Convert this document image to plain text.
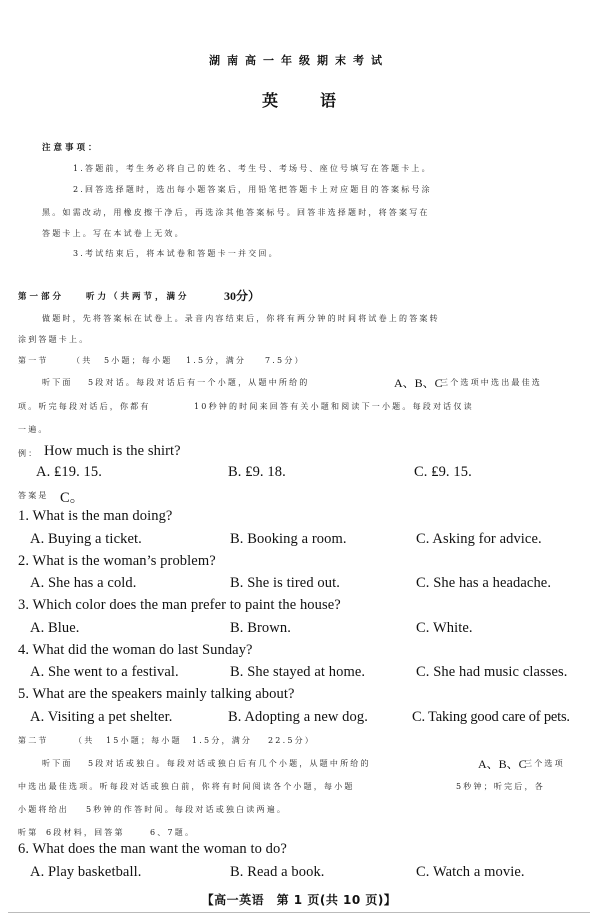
湖南高一年级期末考试
英语
注意事项：
1.答题前，考生务必将自己的姓名、考生号、考场号、座位号填写在答题卡上。
2.回答选择题时，选出每小题答案后，用铅笔把答题卡上对应题目的答案标号涂
黑。如需改动，用橡皮擦干净后，再选涂其他答案标号。回答非选择题时，将答案写在
答题卡上。写在本试卷上无效。
3.考试结束后，将本试卷和答题卡一并交回。
第一部分	听力（共两节，满分	30分）
做题时，先将答案标在试卷上。录音内容结束后，你将有两分钟的时间将试卷上的答案转
涂到答题卡上。
第一节	（共 5小题；每小题 1.5分，满分 7.5分）
听下面 5段对话。每段对话后有一个小题，从题中所给的	A、B、C
三个选项中选出最佳选
项。听完每段对话后，你都有	10秒钟的时间来回答有关小题和阅读下一小题。每段对话仅读
一遍。
例： How much is the shirt?
A. ₤19. 15.	B. ₤9. 18.	C. ₤9. 15.
答案是 C。
1. What is the man doing?
A. Buying a ticket.	B. Booking a room.	C. Asking for advice.
2. What is the woman’s problem?
A. She has a cold.	B. She is tired out.	C. She has a headache.
3. Which color does the man prefer to paint the house?
A. Blue.	B. Brown.	C. White.
4. What did the woman do last Sunday?
A. She went to a festival.	B. She stayed at home.	C. She had music classes.
5. What are the speakers mainly talking about?
A. Visiting a pet shelter.	B. Adopting a new dog.	C. Taking good care of pets.
第二节	（共 15小题；每小题 1.5分，满分 22.5分）
听下面 5段对话或独白。每段对话或独白后有几个小题，从题中所给的	A、B、C
三个选项
中选出最佳选项。听每段对话或独白前，你将有时间阅读各个小题，每小题	5秒钟；听完后，各
小题将给出 5秒钟的作答时间。每段对话或独白读两遍。
听第 6段材料，回答第	6、7题。
6. What does the man want the woman to do?
A. Play basketball.	B. Read a book.	C. Watch a movie.
【高一英语　第 1 页(共 10 页)】
